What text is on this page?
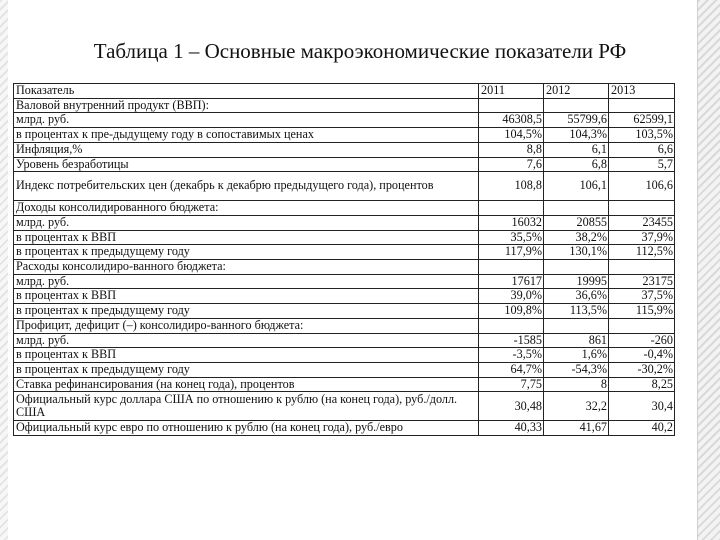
Таблица 1 – Основные макроэкономические показатели РФ
Показатель	2011	2012	2013
Валовой внутренний продукт (ВВП):			
млрд. руб.	46308,5	55799,6	62599,1
в процентах к пре-дыдущему году в сопоставимых ценах	104,5%	104,3%	103,5%
Инфляция,%	8,8	6,1	6,6
Уровень безработицы	7,6	6,8	5,7
Индекс потребительских цен (декабрь к декабрю предыдущего года), процентов	108,8	106,1	106,6
Доходы консолидированного бюджета:			
млрд. руб.	16032	20855	23455
в процентах к ВВП	35,5%	38,2%	37,9%
в процентах к предыдущему году	117,9%	130,1%	112,5%
Расходы консолидиро-ванного бюджета:			
млрд. руб.	17617	19995	23175
в процентах к ВВП	39,0%	36,6%	37,5%
в процентах к предыдущему году	109,8%	113,5%	115,9%
Профицит, дефицит (–) консолидиро-ванного бюджета:			
млрд. руб.	-1585	861	-260
в процентах к ВВП	-3,5%	1,6%	-0,4%
в процентах к предыдущему году	64,7%	-54,3%	-30,2%
Ставка рефинансирования (на конец года), процентов	7,75	8	8,25
Официальный курс доллара США по отношению к рублю (на конец года), руб./долл. США	30,48	32,2	30,4
Официальный курс евро по отношению к рублю (на конец года), руб./евро	40,33	41,67	40,2
